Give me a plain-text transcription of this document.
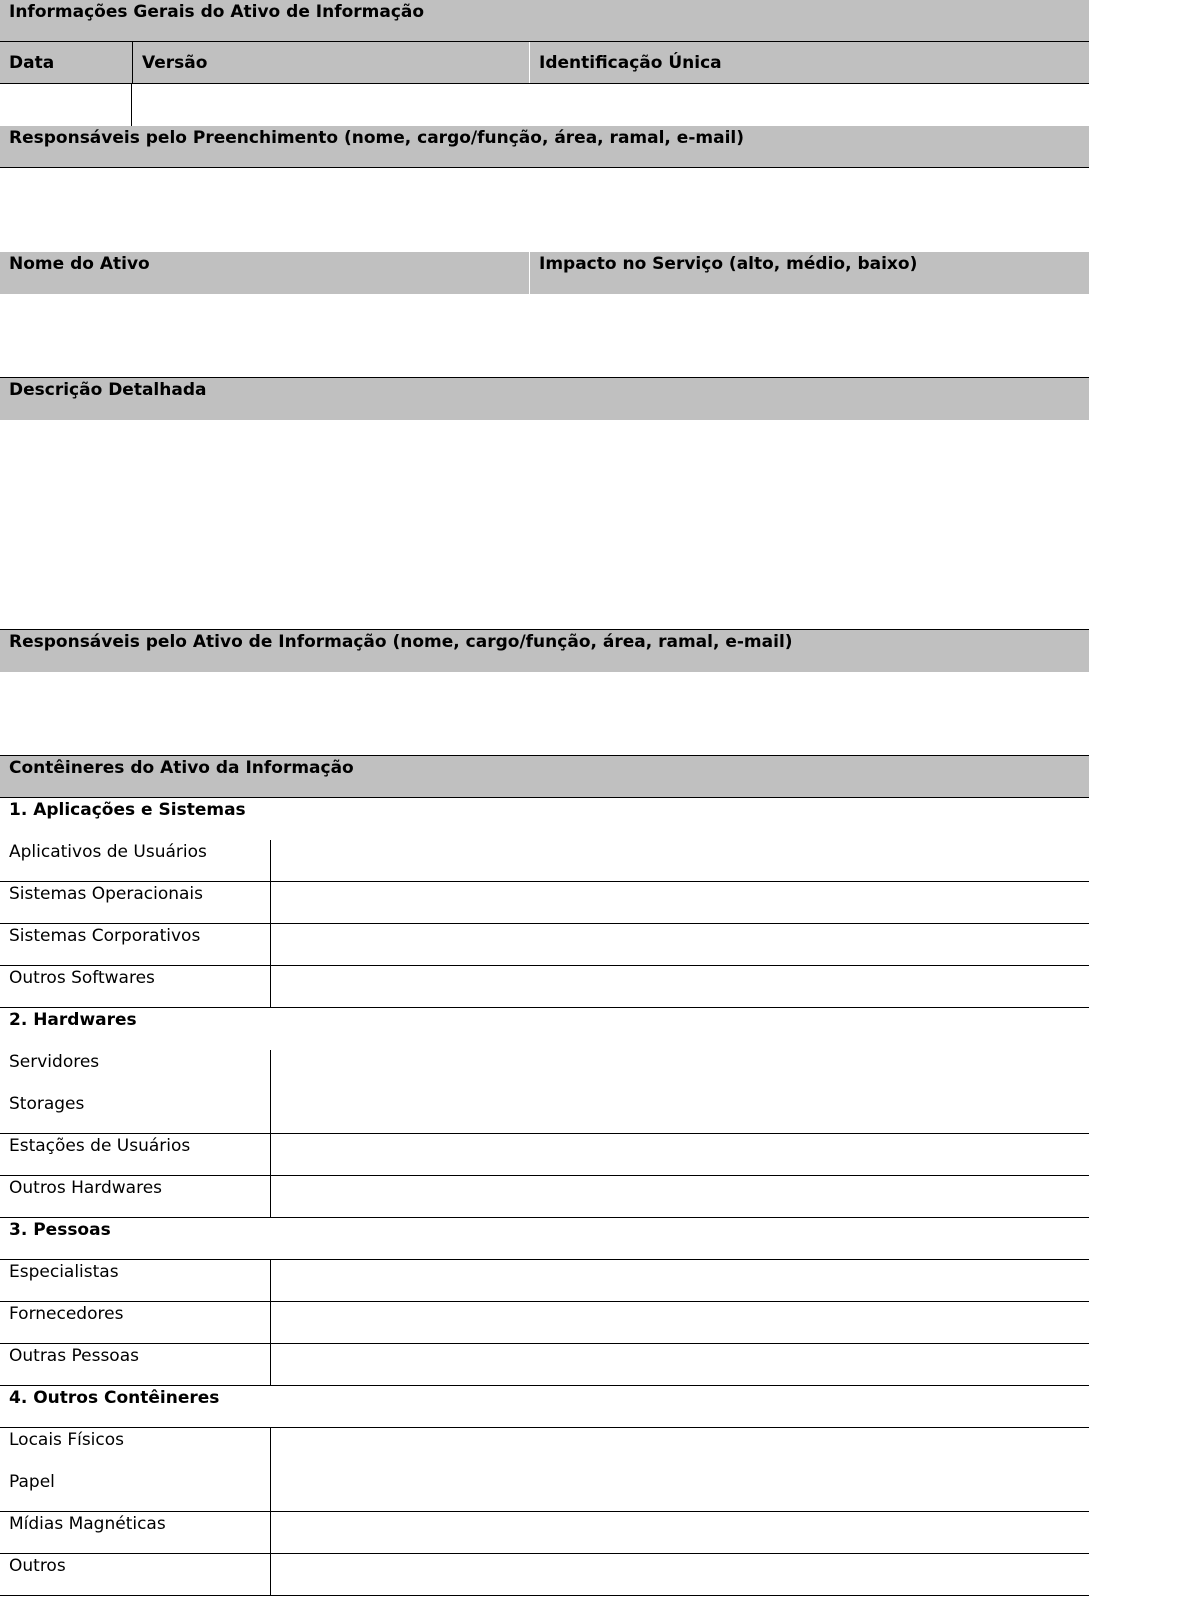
Informações Gerais do Ativo de Informação
Data	Versão	Identificação Única
Responsáveis pelo Preenchimento (nome, cargo/função, área, ramal, e-mail)
Nome do Ativo	Impacto no Serviço (alto, médio, baixo)
Descrição Detalhada
Responsáveis pelo Ativo de Informação (nome, cargo/função, área, ramal, e-mail)
Contêineres do Ativo da Informação
1. Aplicações e Sistemas
Aplicativos de Usuários
Sistemas Operacionais
Sistemas Corporativos
Outros Softwares
2. Hardwares
Servidores
Storages
Estações de Usuários
Outros Hardwares
3. Pessoas
Especialistas
Fornecedores
Outras Pessoas
4. Outros Contêineres
Locais Físicos
Papel
Mídias Magnéticas
Outros
